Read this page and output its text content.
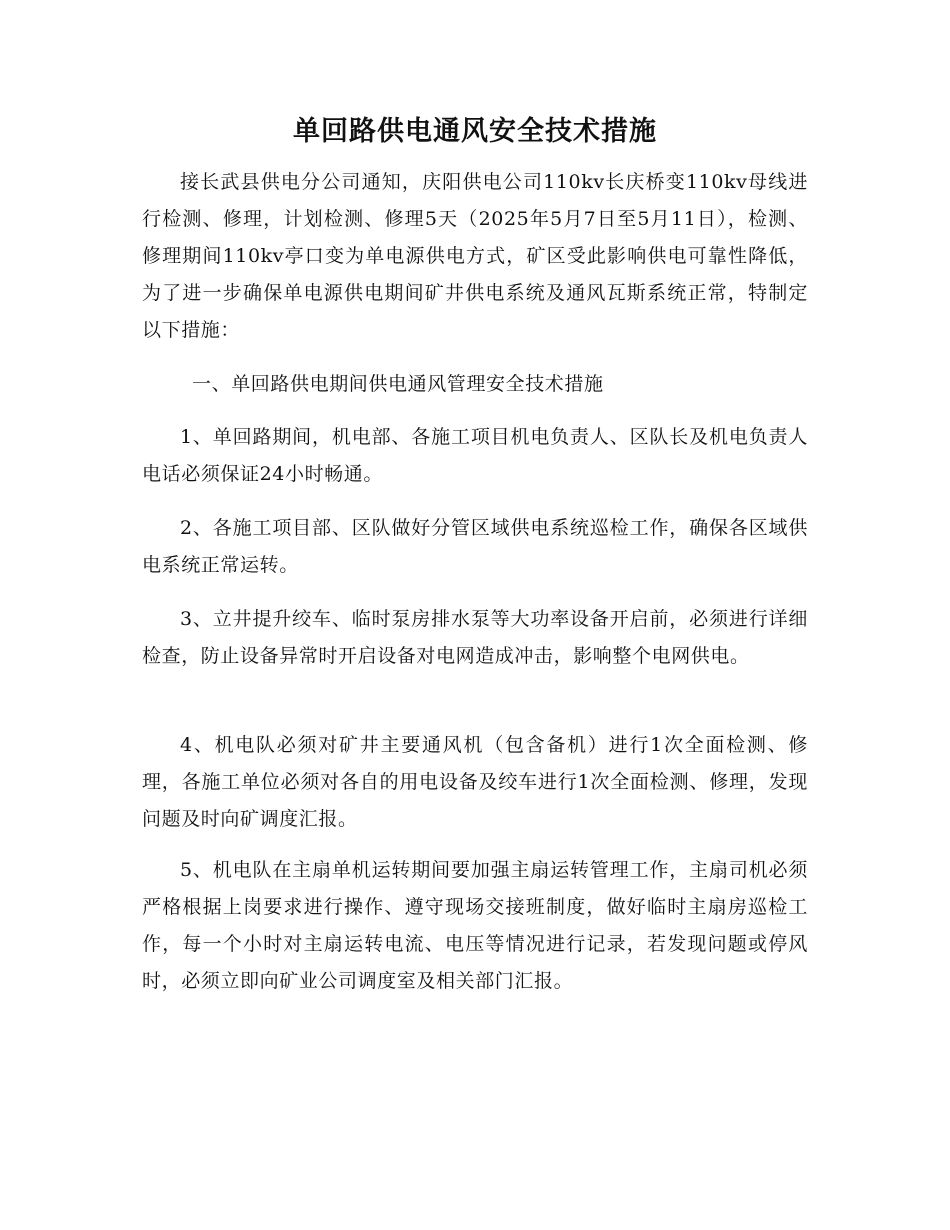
单回路供电通风安全技术措施

接长武县供电分公司通知，庆阳供电公司110kv长庆桥变110kv母线进行检测、修理，计划检测、修理5天（2025年5月7日至5月11日），检测、修理期间110kv亭口变为单电源供电方式，矿区受此影响供电可靠性降低，为了进一步确保单电源供电期间矿井供电系统及通风瓦斯系统正常，特制定以下措施：

一、单回路供电期间供电通风管理安全技术措施

1、单回路期间，机电部、各施工项目机电负责人、区队长及机电负责人电话必须保证24小时畅通。

2、各施工项目部、区队做好分管区域供电系统巡检工作，确保各区域供电系统正常运转。

3、立井提升绞车、临时泵房排水泵等大功率设备开启前，必须进行详细检查，防止设备异常时开启设备对电网造成冲击，影响整个电网供电。

4、机电队必须对矿井主要通风机（包含备机）进行1次全面检测、修理，各施工单位必须对各自的用电设备及绞车进行1次全面检测、修理，发现问题及时向矿调度汇报。

5、机电队在主扇单机运转期间要加强主扇运转管理工作，主扇司机必须严格根据上岗要求进行操作、遵守现场交接班制度，做好临时主扇房巡检工作，每一个小时对主扇运转电流、电压等情况进行记录，若发现问题或停风时，必须立即向矿业公司调度室及相关部门汇报。
